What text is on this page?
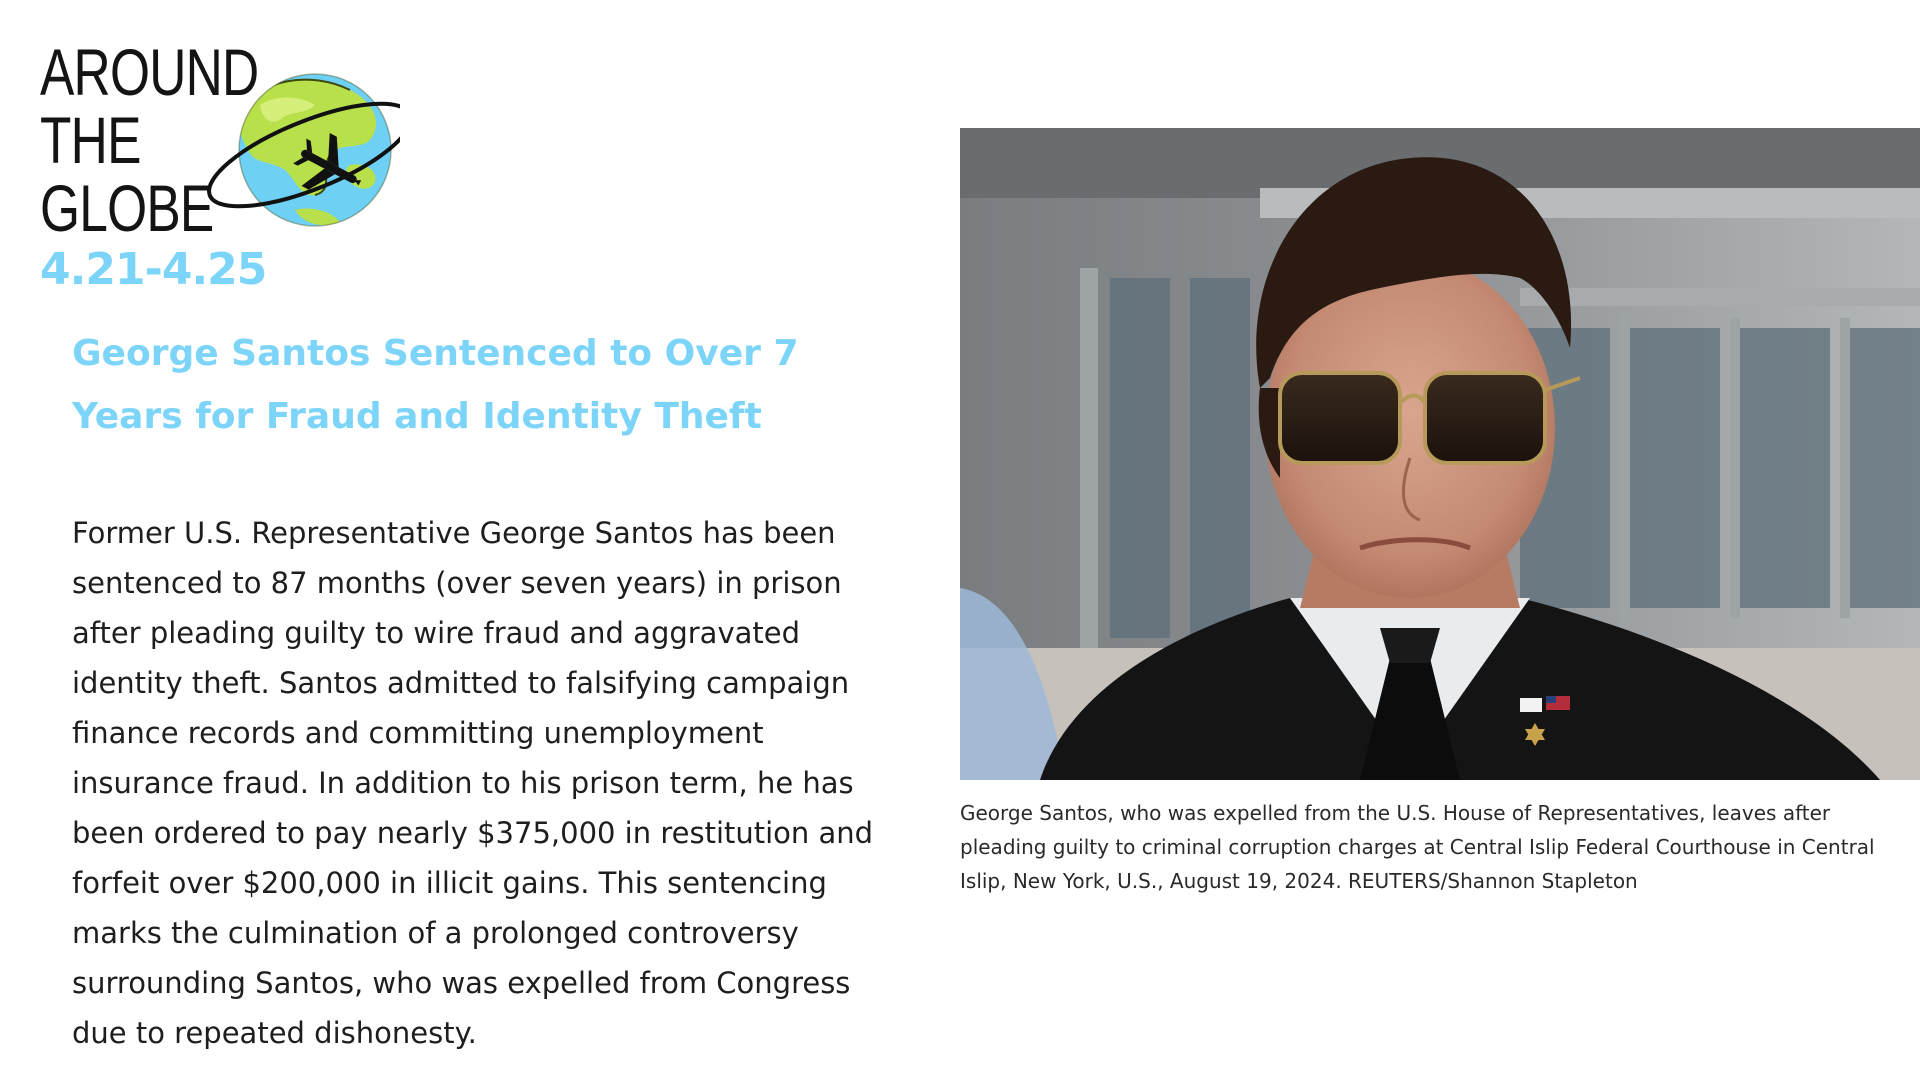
AROUND
THE
GLOBE
4.21-4.25
George Santos Sentenced to Over 7 Years for Fraud and Identity Theft

Former U.S. Representative George Santos has been sentenced to 87 months (over seven years) in prison after pleading guilty to wire fraud and aggravated identity theft. Santos admitted to falsifying campaign finance records and committing unemployment insurance fraud. In addition to his prison term, he has been ordered to pay nearly $375,000 in restitution and forfeit over $200,000 in illicit gains. This sentencing marks the culmination of a prolonged controversy surrounding Santos, who was expelled from Congress due to repeated dishonesty.

George Santos, who was expelled from the U.S. House of Representatives, leaves after pleading guilty to criminal corruption charges at Central Islip Federal Courthouse in Central Islip, New York, U.S., August 19, 2024. REUTERS/Shannon Stapleton
